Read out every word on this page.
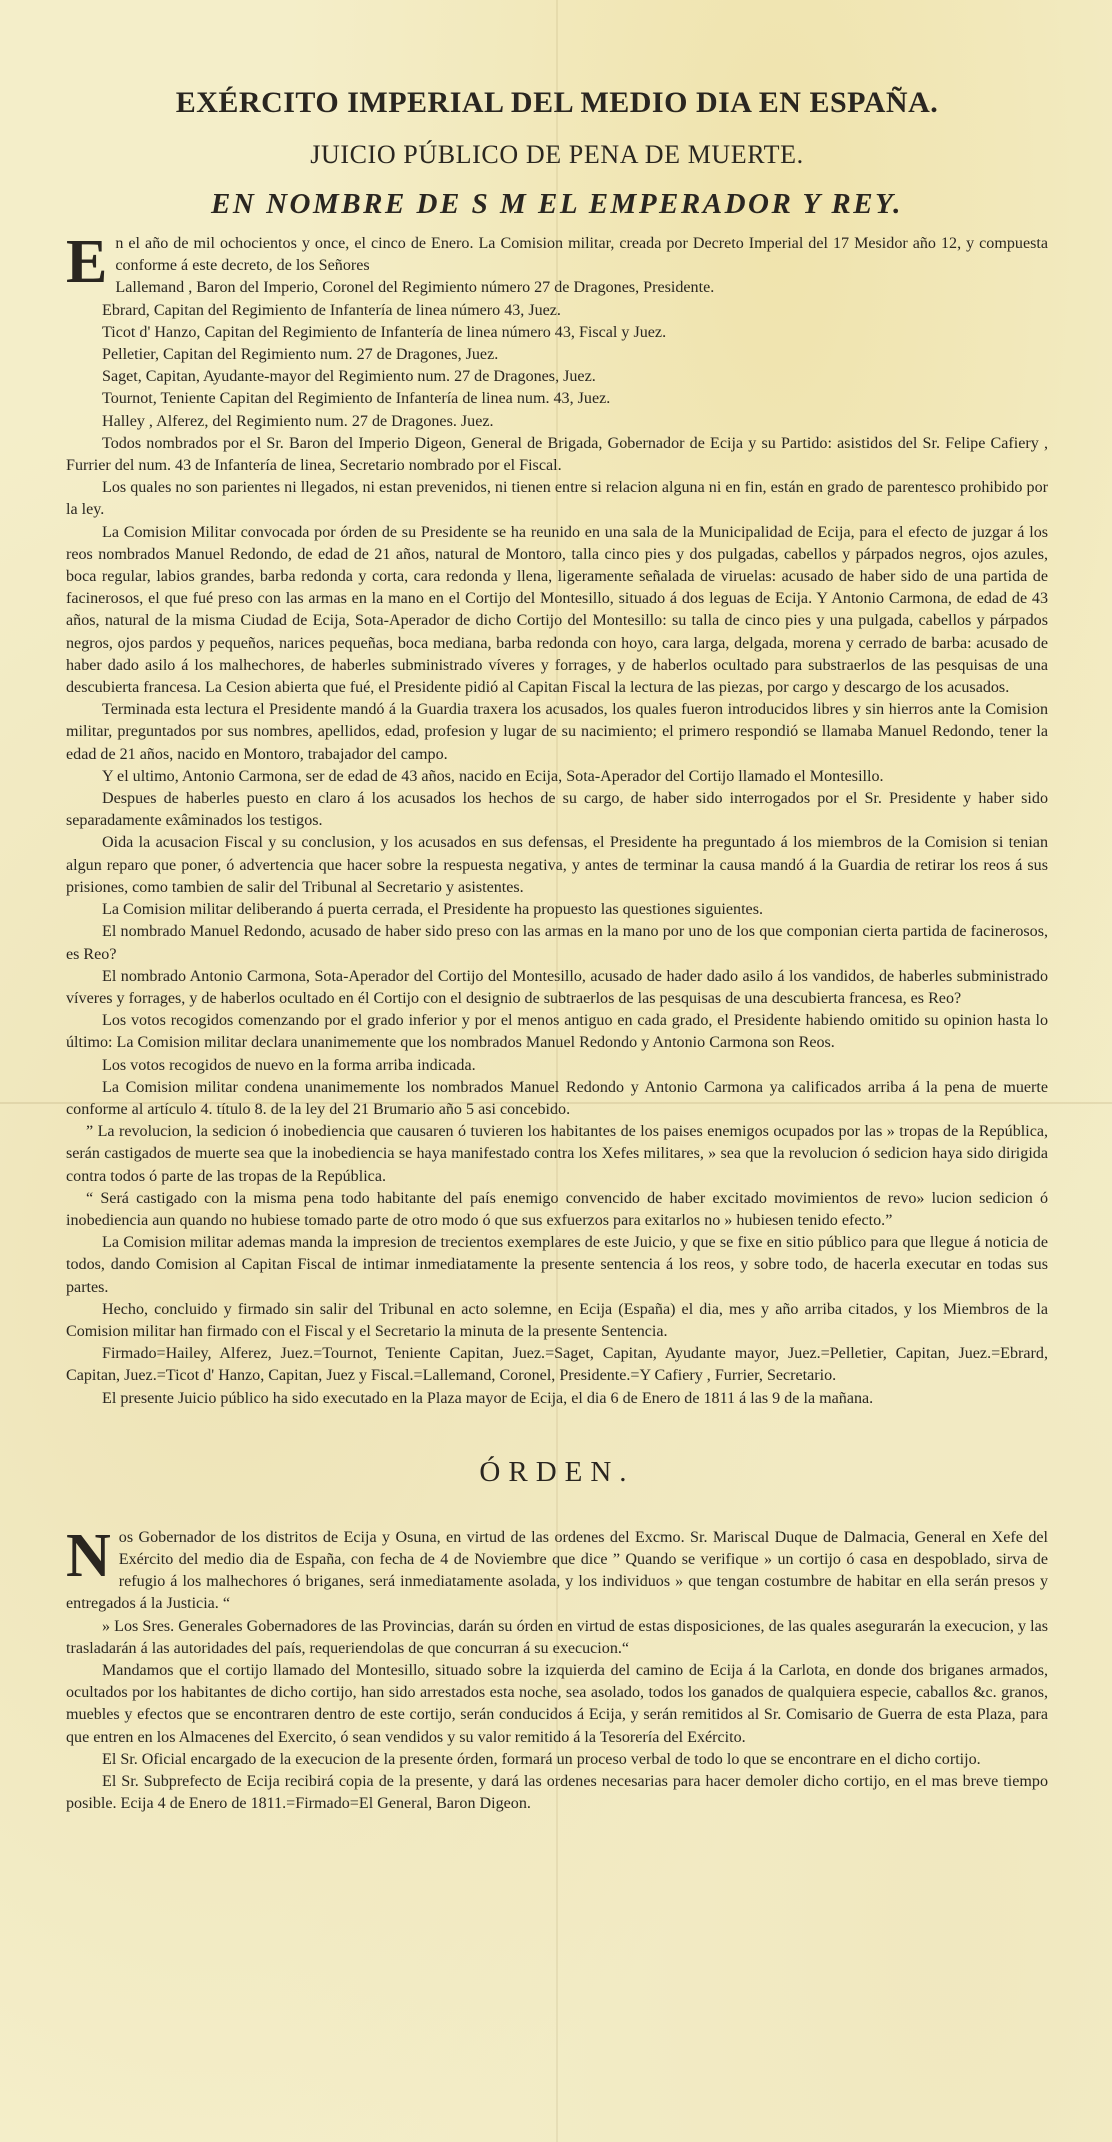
EXÉRCITO IMPERIAL DEL MEDIO DIA EN ESPAÑA.
JUICIO PÚBLICO DE PENA DE MUERTE.
EN NOMBRE DE S M EL EMPERADOR Y REY.

En el año de mil ochocientos y once, el cinco de Enero. La Comision militar, creada por Decreto Imperial del 17 Mesidor año 12, y compuesta conforme á este decreto, de los Señores

Lallemand , Baron del Imperio, Coronel del Regimiento número 27 de Dragones, Presidente.

Ebrard, Capitan del Regimiento de Infantería de linea número 43, Juez.

Ticot d' Hanzo, Capitan del Regimiento de Infantería de linea número 43, Fiscal y Juez.

Pelletier, Capitan del Regimiento num. 27 de Dragones, Juez.

Saget, Capitan, Ayudante-mayor del Regimiento num. 27 de Dragones, Juez.

Tournot, Teniente Capitan del Regimiento de Infantería de linea num. 43, Juez.

Halley , Alferez, del Regimiento num. 27 de Dragones. Juez.

Todos nombrados por el Sr. Baron del Imperio Digeon, General de Brigada, Gobernador de Ecija y su Partido: asistidos del Sr. Felipe Cafiery , Furrier del num. 43 de Infantería de linea, Secretario nombrado por el Fiscal.

Los quales no son parientes ni llegados, ni estan prevenidos, ni tienen entre si relacion alguna ni en fin, están en grado de parentesco prohibido por la ley.

La Comision Militar convocada por órden de su Presidente se ha reunido en una sala de la Municipalidad de Ecija, para el efecto de juzgar á los reos nombrados Manuel Redondo, de edad de 21 años, natural de Montoro, talla cinco pies y dos pulgadas, cabellos y párpados negros, ojos azules, boca regular, labios grandes, barba redonda y corta, cara redonda y llena, ligeramente señalada de viruelas: acusado de haber sido de una partida de facinerosos, el que fué preso con las armas en la mano en el Cortijo del Montesillo, situado á dos leguas de Ecija. Y Antonio Carmona, de edad de 43 años, natural de la misma Ciudad de Ecija, Sota-Aperador de dicho Cortijo del Montesillo: su talla de cinco pies y una pulgada, cabellos y párpados negros, ojos pardos y pequeños, narices pequeñas, boca mediana, barba redonda con hoyo, cara larga, delgada, morena y cerrado de barba: acusado de haber dado asilo á los malhechores, de haberles subministrado víveres y forrages, y de haberlos ocultado para substraerlos de las pesquisas de una descubierta francesa. La Cesion abierta que fué, el Presidente pidió al Capitan Fiscal la lectura de las piezas, por cargo y descargo de los acusados.

Terminada esta lectura el Presidente mandó á la Guardia traxera los acusados, los quales fueron introducidos libres y sin hierros ante la Comision militar, preguntados por sus nombres, apellidos, edad, profesion y lugar de su nacimiento; el primero respondió se llamaba Manuel Redondo, tener la edad de 21 años, nacido en Montoro, trabajador del campo.

Y el ultimo, Antonio Carmona, ser de edad de 43 años, nacido en Ecija, Sota-Aperador del Cortijo llamado el Montesillo.

Despues de haberles puesto en claro á los acusados los hechos de su cargo, de haber sido interrogados por el Sr. Presidente y haber sido separadamente exâminados los testigos.

Oida la acusacion Fiscal y su conclusion, y los acusados en sus defensas, el Presidente ha preguntado á los miembros de la Comision si tenian algun reparo que poner, ó advertencia que hacer sobre la respuesta negativa, y antes de terminar la causa mandó á la Guardia de retirar los reos á sus prisiones, como tambien de salir del Tribunal al Secretario y asistentes.

La Comision militar deliberando á puerta cerrada, el Presidente ha propuesto las questiones siguientes.

El nombrado Manuel Redondo, acusado de haber sido preso con las armas en la mano por uno de los que componian cierta partida de facinerosos, es Reo?

El nombrado Antonio Carmona, Sota-Aperador del Cortijo del Montesillo, acusado de hader dado asilo á los vandidos, de haberles subministrado víveres y forrages, y de haberlos ocultado en él Cortijo con el designio de subtraerlos de las pesquisas de una descubierta francesa, es Reo?

Los votos recogidos comenzando por el grado inferior y por el menos antiguo en cada grado, el Presidente habiendo omitido su opinion hasta lo último: La Comision militar declara unanimemente que los nombrados Manuel Redondo y Antonio Carmona son Reos.

Los votos recogidos de nuevo en la forma arriba indicada.

La Comision militar condena unanimemente los nombrados Manuel Redondo y Antonio Carmona ya calificados arriba á la pena de muerte conforme al artículo 4. título 8. de la ley del 21 Brumario año 5 asi concebido.

” La revolucion, la sedicion ó inobediencia que causaren ó tuvieren los habitantes de los paises enemigos ocupados por las » tropas de la República, serán castigados de muerte sea que la inobediencia se haya manifestado contra los Xefes militares, » sea que la revolucion ó sedicion haya sido dirigida contra todos ó parte de las tropas de la República.

“ Será castigado con la misma pena todo habitante del país enemigo convencido de haber excitado movimientos de revo» lucion sedicion ó inobediencia aun quando no hubiese tomado parte de otro modo ó que sus exfuerzos para exitarlos no » hubiesen tenido efecto.”

La Comision militar ademas manda la impresion de trecientos exemplares de este Juicio, y que se fixe en sitio público para que llegue á noticia de todos, dando Comision al Capitan Fiscal de intimar inmediatamente la presente sentencia á los reos, y sobre todo, de hacerla executar en todas sus partes.

Hecho, concluido y firmado sin salir del Tribunal en acto solemne, en Ecija (España) el dia, mes y año arriba citados, y los Miembros de la Comision militar han firmado con el Fiscal y el Secretario la minuta de la presente Sentencia.

Firmado=Hailey, Alferez, Juez.=Tournot, Teniente Capitan, Juez.=Saget, Capitan, Ayudante mayor, Juez.=Pelletier, Capitan, Juez.=Ebrard, Capitan, Juez.=Ticot d' Hanzo, Capitan, Juez y Fiscal.=Lallemand, Coronel, Presidente.=Y Cafiery , Furrier, Secretario.

El presente Juicio público ha sido executado en la Plaza mayor de Ecija, el dia 6 de Enero de 1811 á las 9 de la mañana.

ÓRDEN.

Nos Gobernador de los distritos de Ecija y Osuna, en virtud de las ordenes del Excmo. Sr. Mariscal Duque de Dalmacia, General en Xefe del Exército del medio dia de España, con fecha de 4 de Noviembre que dice ” Quando se verifique » un cortijo ó casa en despoblado, sirva de refugio á los malhechores ó briganes, será inmediatamente asolada, y los individuos » que tengan costumbre de habitar en ella serán presos y entregados á la Justicia. “

» Los Sres. Generales Gobernadores de las Provincias, darán su órden en virtud de estas disposiciones, de las quales asegurarán la execucion, y las trasladarán á las autoridades del país, requeriendolas de que concurran á su execucion.“

Mandamos que el cortijo llamado del Montesillo, situado sobre la izquierda del camino de Ecija á la Carlota, en donde dos briganes armados, ocultados por los habitantes de dicho cortijo, han sido arrestados esta noche, sea asolado, todos los ganados de qualquiera especie, caballos &c. granos, muebles y efectos que se encontraren dentro de este cortijo, serán conducidos á Ecija, y serán remitidos al Sr. Comisario de Guerra de esta Plaza, para que entren en los Almacenes del Exercito, ó sean vendidos y su valor remitido á la Tesorería del Exército.

El Sr. Oficial encargado de la execucion de la presente órden, formará un proceso verbal de todo lo que se encontrare en el dicho cortijo.

El Sr. Subprefecto de Ecija recibirá copia de la presente, y dará las ordenes necesarias para hacer demoler dicho cortijo, en el mas breve tiempo posible. Ecija 4 de Enero de 1811.=Firmado=El General, Baron Digeon.
